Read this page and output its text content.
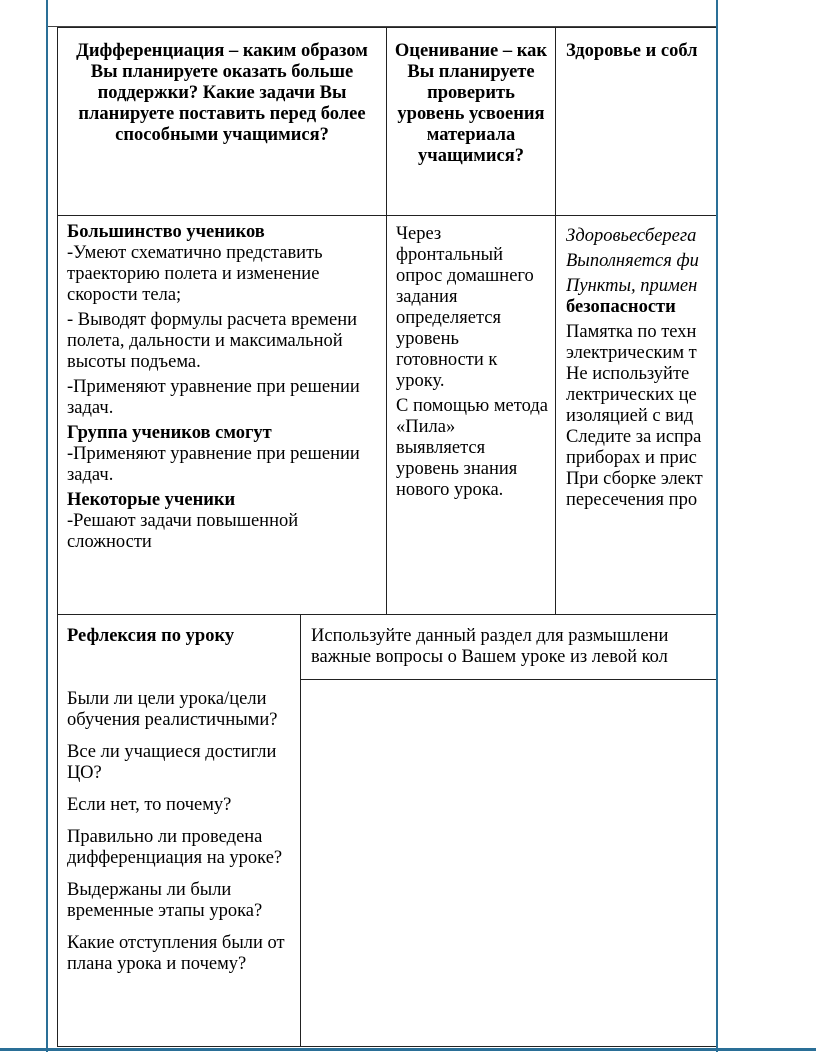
Дифференциация – каким образом Вы планируете оказать больше поддержки? Какие задачи Вы планируете поставить перед более способными учащимися?
Оценивание – как Вы планируете проверить уровень усвоения материала учащимися?
Здоровье и собл
Большинство учеников

-Умеют схематично представить траекторию полета и изменение скорости тела;

- Выводят формулы расчета времени полета, дальности и максимальной высоты подъема.

-Применяют уравнение при решении задач.

Группа учеников смогут

-Применяют уравнение при решении задач.

Некоторые ученики

-Решают задачи повышенной сложности

Через фронтальный опрос домашнего задания определяется уровень готовности к уроку.

С помощью метода «Пила» выявляется уровень знания нового урока.

Здоровьесберега
Выполняется фи
Пункты, примен
безопасности
Памятка по техн
электрическим т
Не используйте
лектрических це
изоляцией с вид
Следите за испра
приборах и прис
При сборке элект
пересечения про
Рефлексия по уроку	Используйте данный раздел для размышлени
важные вопросы о Вашем уроке из левой кол

Были ли цели урока/цели обучения реалистичными?

Все ли учащиеся достигли ЦО?

Если нет, то почему?

Правильно ли проведена дифференциация на уроке?

Выдержаны ли были временные этапы урока?

Какие отступления были от плана урока и почему?
